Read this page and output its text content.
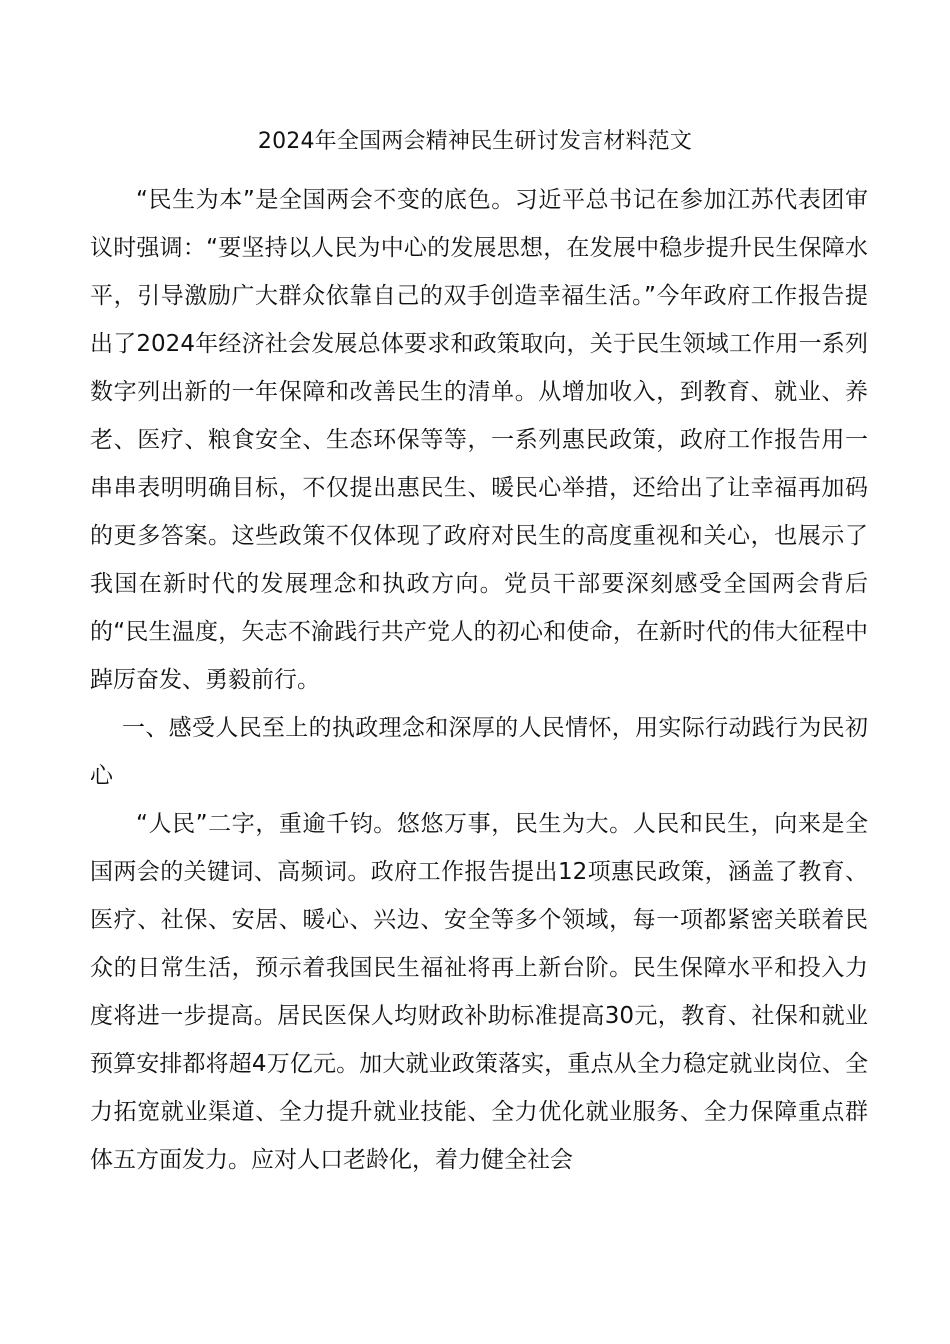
2024年全国两会精神民生研讨发言材料范文

“民生为本”是全国两会不变的底色。习近平总书记在参加江苏代表团审议时强调：“要坚持以人民为中心的发展思想，在发展中稳步提升民生保障水平，引导激励广大群众依靠自己的双手创造幸福生活。”今年政府工作报告提出了2024年经济社会发展总体要求和政策取向，关于民生领域工作用一系列数字列出新的一年保障和改善民生的清单。从增加收入，到教育、就业、养老、医疗、粮食安全、生态环保等等，一系列惠民政策，政府工作报告用一串串表明明确目标，不仅提出惠民生、暖民心举措，还给出了让幸福再加码的更多答案。这些政策不仅体现了政府对民生的高度重视和关心，也展示了我国在新时代的发展理念和执政方向。党员干部要深刻感受全国两会背后的“民生温度，矢志不渝践行共产党人的初心和使命，在新时代的伟大征程中踔厉奋发、勇毅前行。

一、感受人民至上的执政理念和深厚的人民情怀，用实际行动践行为民初心

“人民”二字，重逾千钧。悠悠万事，民生为大。人民和民生，向来是全国两会的关键词、高频词。政府工作报告提出12项惠民政策，涵盖了教育、医疗、社保、安居、暖心、兴边、安全等多个领域，每一项都紧密关联着民众的日常生活，预示着我国民生福祉将再上新台阶。民生保障水平和投入力度将进一步提高。居民医保人均财政补助标准提高30元，教育、社保和就业预算安排都将超4万亿元。加大就业政策落实，重点从全力稳定就业岗位、全力拓宽就业渠道、全力提升就业技能、全力优化就业服务、全力保障重点群体五方面发力。应对人口老龄化，着力健全社会
